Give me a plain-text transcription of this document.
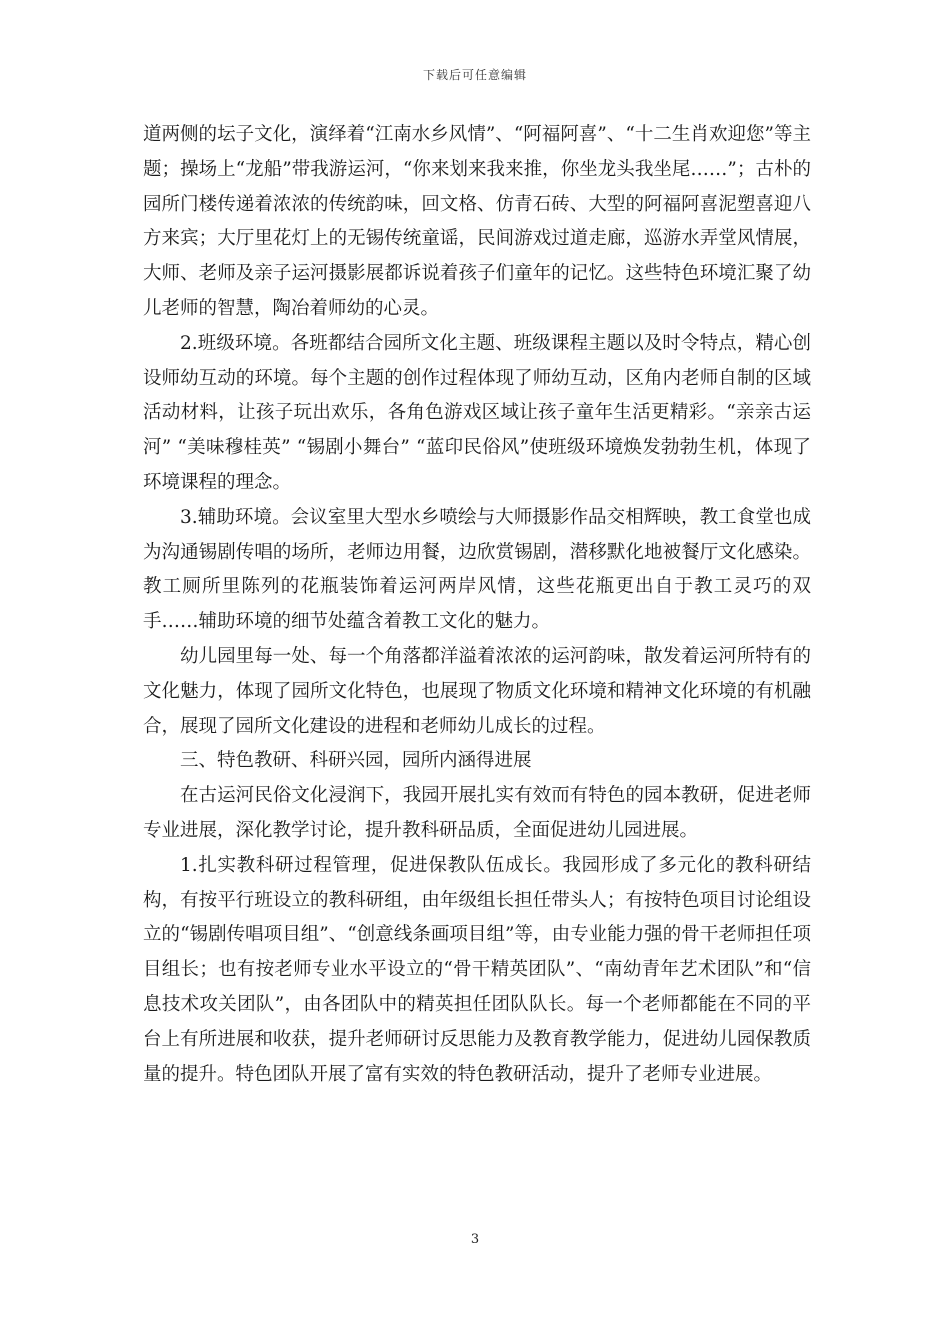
下载后可任意编辑

道两侧的坛子文化，演绎着“江南水乡风情”、“阿福阿喜”、“十二生肖欢迎您”等主题；操场上“龙船”带我游运河，“你来划来我来推，你坐龙头我坐尾……”；古朴的园所门楼传递着浓浓的传统韵味，回文格、仿青石砖、大型的阿福阿喜泥塑喜迎八方来宾；大厅里花灯上的无锡传统童谣，民间游戏过道走廊，巡游水弄堂风情展，大师、老师及亲子运河摄影展都诉说着孩子们童年的记忆。这些特色环境汇聚了幼儿老师的智慧，陶冶着师幼的心灵。

2.班级环境。各班都结合园所文化主题、班级课程主题以及时令特点，精心创设师幼互动的环境。每个主题的创作过程体现了师幼互动，区角内老师自制的区域活动材料，让孩子玩出欢乐，各角色游戏区域让孩子童年生活更精彩。“亲亲古运河” “美味穆桂英” “锡剧小舞台” “蓝印民俗风”使班级环境焕发勃勃生机，体现了环境课程的理念。

3.辅助环境。会议室里大型水乡喷绘与大师摄影作品交相辉映，教工食堂也成为沟通锡剧传唱的场所，老师边用餐，边欣赏锡剧，潜移默化地被餐厅文化感染。教工厕所里陈列的花瓶装饰着运河两岸风情，这些花瓶更出自于教工灵巧的双手……辅助环境的细节处蕴含着教工文化的魅力。

幼儿园里每一处、每一个角落都洋溢着浓浓的运河韵味，散发着运河所特有的文化魅力，体现了园所文化特色，也展现了物质文化环境和精神文化环境的有机融合，展现了园所文化建设的进程和老师幼儿成长的过程。

三、特色教研、科研兴园，园所内涵得进展

在古运河民俗文化浸润下，我园开展扎实有效而有特色的园本教研，促进老师专业进展，深化教学讨论，提升教科研品质，全面促进幼儿园进展。

1.扎实教科研过程管理，促进保教队伍成长。我园形成了多元化的教科研结构，有按平行班设立的教科研组，由年级组长担任带头人；有按特色项目讨论组设立的“锡剧传唱项目组”、“创意线条画项目组”等，由专业能力强的骨干老师担任项目组长；也有按老师专业水平设立的“骨干精英团队”、“南幼青年艺术团队”和“信息技术攻关团队”，由各团队中的精英担任团队队长。每一个老师都能在不同的平台上有所进展和收获，提升老师研讨反思能力及教育教学能力，促进幼儿园保教质量的提升。特色团队开展了富有实效的特色教研活动，提升了老师专业进展。

3
